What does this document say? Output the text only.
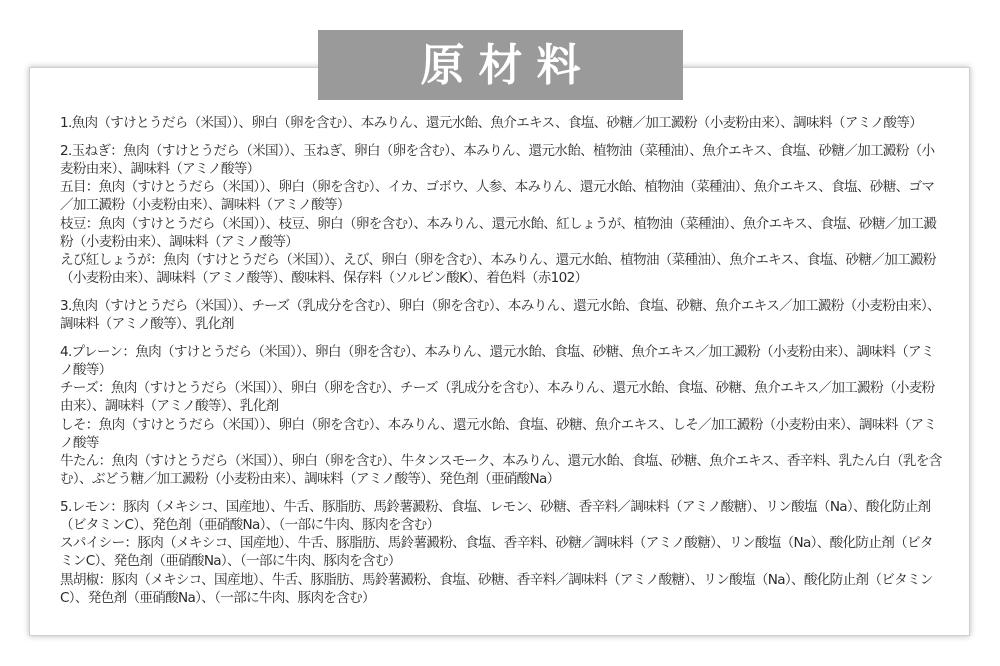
原材料
1.魚肉（すけとうだら（米国））、卵白（卵を含む）、本みりん、還元水飴、魚介エキス、食塩、砂糖／加工澱粉（小麦粉由来）、調味料（アミノ酸等）
2.玉ねぎ：魚肉（すけとうだら（米国））、玉ねぎ、卵白（卵を含む）、本みりん、還元水飴、植物油（菜種油）、魚介エキス、食塩、砂糖／加工澱粉（小麦粉由来）、調味料（アミノ酸等）
五目：魚肉（すけとうだら（米国））、卵白（卵を含む）、イカ、ゴボウ、人参、本みりん、還元水飴、植物油（菜種油）、魚介エキス、食塩、砂糖、ゴマ／加工澱粉（小麦粉由来）、調味料（アミノ酸等）
枝豆：魚肉（すけとうだら（米国））、枝豆、卵白（卵を含む）、本みりん、還元水飴、紅しょうが、植物油（菜種油）、魚介エキス、食塩、砂糖／加工澱粉（小麦粉由来）、調味料（アミノ酸等）
えび紅しょうが：魚肉（すけとうだら（米国））、えび、卵白（卵を含む）、本みりん、還元水飴、植物油（菜種油）、魚介エキス、食塩、砂糖／加工澱粉（小麦粉由来）、調味料（アミノ酸等）、酸味料、保存料（ソルビン酸K）、着色料（赤102）
3.魚肉（すけとうだら（米国））、チーズ（乳成分を含む）、卵白（卵を含む）、本みりん、還元水飴、食塩、砂糖、魚介エキス／加工澱粉（小麦粉由来）、調味料（アミノ酸等）、乳化剤
4.プレーン：魚肉（すけとうだら（米国））、卵白（卵を含む）、本みりん、還元水飴、食塩、砂糖、魚介エキス／加工澱粉（小麦粉由来）、調味料（アミノ酸等）
チーズ：魚肉（すけとうだら（米国））、卵白（卵を含む）、チーズ（乳成分を含む）、本みりん、還元水飴、食塩、砂糖、魚介エキス／加工澱粉（小麦粉由来）、調味料（アミノ酸等）、乳化剤
しそ：魚肉（すけとうだら（米国））、卵白（卵を含む）、本みりん、還元水飴、食塩、砂糖、魚介エキス、しそ／加工澱粉（小麦粉由来）、調味料（アミノ酸等
牛たん：魚肉（すけとうだら（米国））、卵白（卵を含む）、牛タンスモーク、本みりん、還元水飴、食塩、砂糖、魚介エキス、香辛料、乳たん白（乳を含む）、ぶどう糖／加工澱粉（小麦粉由来）、調味料（アミノ酸等）、発色剤（亜硝酸Na）
5.レモン：豚肉（メキシコ、国産地）、牛舌、豚脂肪、馬鈴薯澱粉、食塩、レモン、砂糖、香辛料／調味料（アミノ酸糖）、リン酸塩（Na）、酸化防止剤（ビタミンC）、発色剤（亜硝酸Na）、（一部に牛肉、豚肉を含む）
スパイシー：豚肉（メキシコ、国産地）、牛舌、豚脂肪、馬鈴薯澱粉、食塩、香辛料、砂糖／調味料（アミノ酸糖）、リン酸塩（Na）、酸化防止剤（ビタミンC）、発色剤（亜硝酸Na）、（一部に牛肉、豚肉を含む）
黒胡椒：豚肉（メキシコ、国産地）、牛舌、豚脂肪、馬鈴薯澱粉、食塩、砂糖、香辛料／調味料（アミノ酸糖）、リン酸塩（Na）、酸化防止剤（ビタミンC）、発色剤（亜硝酸Na）、（一部に牛肉、豚肉を含む）
